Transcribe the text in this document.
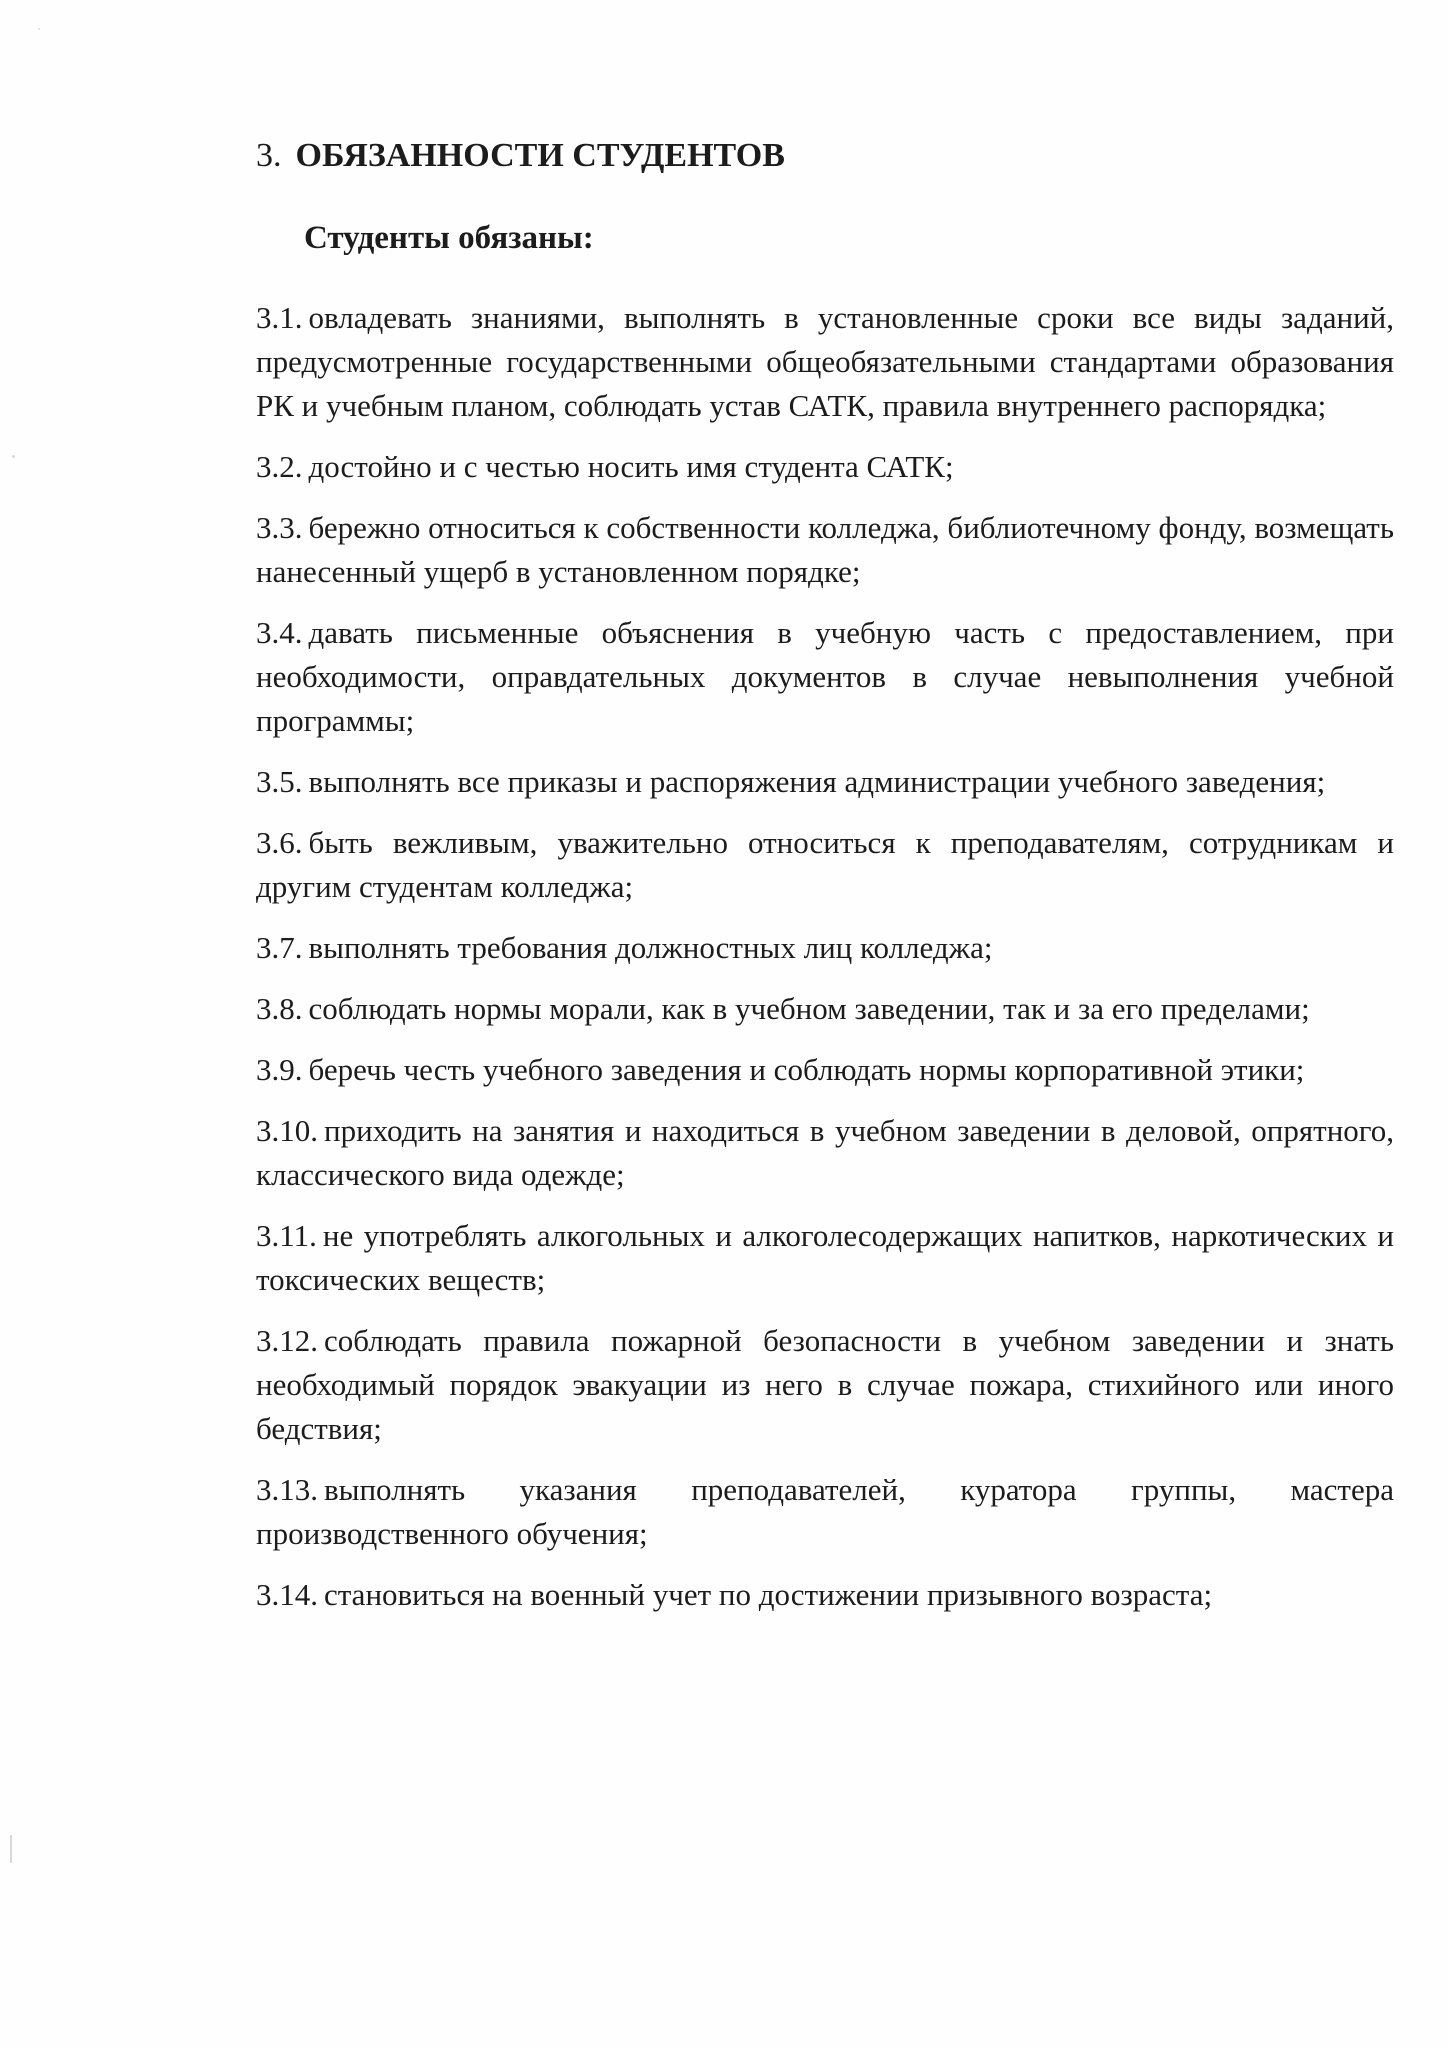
3. ОБЯЗАННОСТИ СТУДЕНТОВ
Студенты обязаны:
3.1. овладевать знаниями, выполнять в установленные сроки все виды заданий, предусмотренные государственными общеобязательными стандартами образования РК и учебным планом, соблюдать устав САТК, правила внутреннего распорядка;
3.2. достойно и с честью носить имя студента САТК;
3.3. бережно относиться к собственности колледжа, библиотечному фонду, возмещать нанесенный ущерб в установленном порядке;
3.4. давать письменные объяснения в учебную часть с предоставлением, при необходимости, оправдательных документов в случае невыполнения учебной программы;
3.5. выполнять все приказы и распоряжения администрации учебного заведения;
3.6. быть вежливым, уважительно относиться к преподавателям, сотрудникам и другим студентам колледжа;
3.7. выполнять требования должностных лиц колледжа;
3.8. соблюдать нормы морали, как в учебном заведении, так и за его пределами;
3.9. беречь честь учебного заведения и соблюдать нормы корпоративной этики;
3.10. приходить на занятия и находиться в учебном заведении в деловой, опрятного, классического вида одежде;
3.11. не употреблять алкогольных и алкоголесодержащих напитков, наркотических и токсических веществ;
3.12. соблюдать правила пожарной безопасности в учебном заведении и знать необходимый порядок эвакуации из него в случае пожара, стихийного или иного бедствия;
3.13. выполнять указания преподавателей, куратора группы, мастера производственного обучения;
3.14. становиться на военный учет по достижении призывного возраста;
